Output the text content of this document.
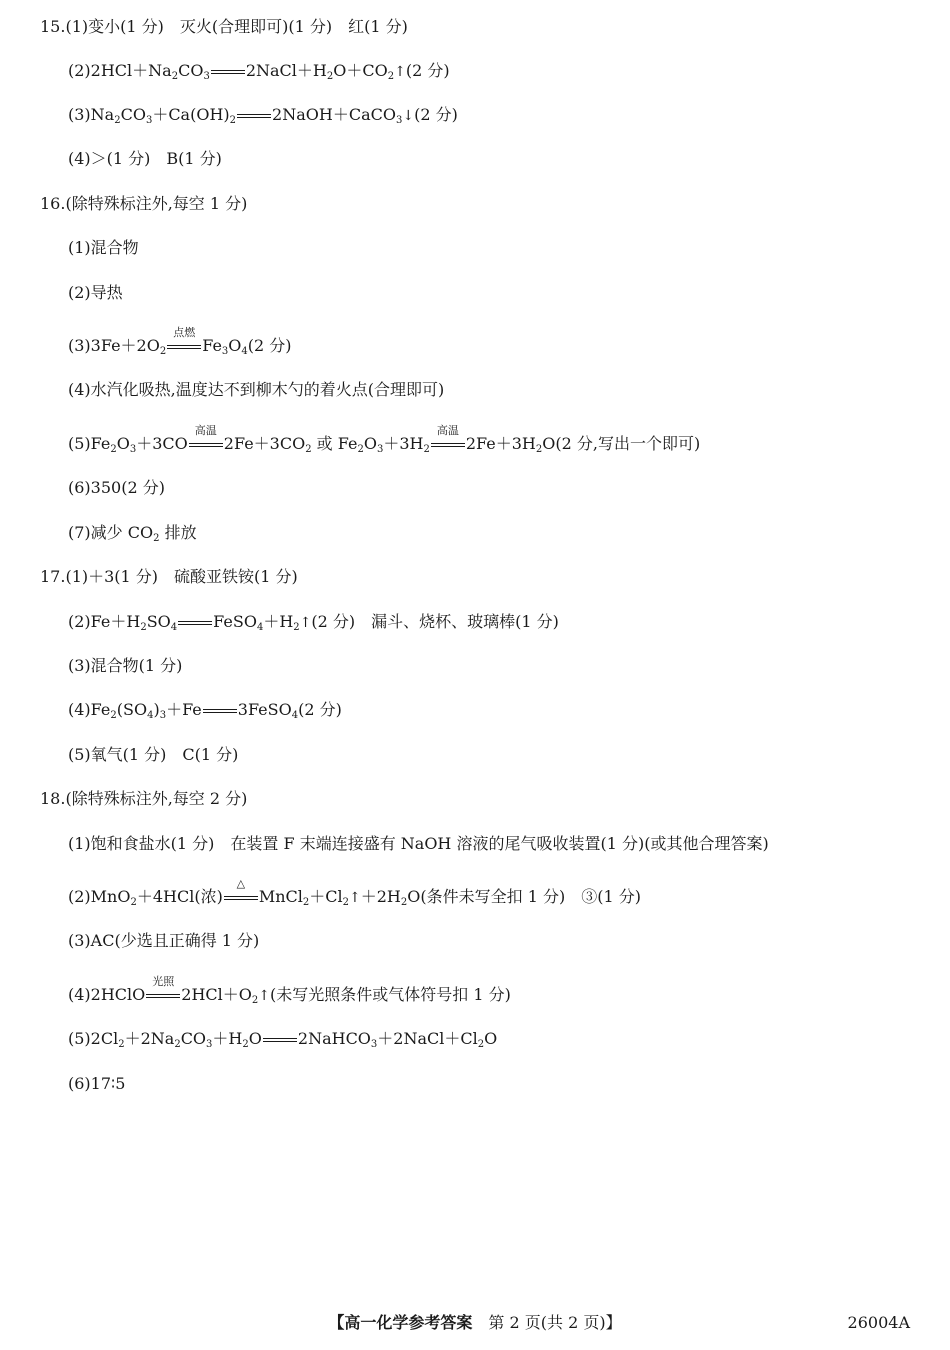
15.(1)变小(1 分)　灭火(合理即可)(1 分)　红(1 分)
$(2)2HCl+Na_2CO_3$ $2NaCl+H_2O+CO_2↑(2$ 分)
$(3)Na_2CO_3+Ca(OH)_2$ 2NaOH＋CaCO$_3$↓(2 分)
(4)＞(1 分)　B(1 分)
16.(除特殊标注外,每空 1 分)
(1)混合物
(2)导热
$(3)3Fe+2O_2$
点燃
$Fe_3O_4(2$ 分)
(4)水汽化吸热,温度达不到柳木勺的着火点(合理即可)
$(5)Fe_2O_3+3CO$
高温
$2Fe+3CO_2$ 或 $Fe_2O_3+3H_2$
高温
$2Fe+3H_2O(2$ 分,写出一个即可)
(6)350(2 分)
(7)减少 $CO_2$ 排放
17.(1)＋3(1 分)　硫酸亚铁铵(1 分)
$(2)Fe+H_2SO_4$ $FeSO_4+H_2↑(2$ 分)　漏斗、烧杯、玻璃棒(1 分)
(3)混合物(1 分)
$(4)Fe_2(SO_4)_3+Fe$ 3FeSO$_4$(2 分)
(5)氧气(1 分)　C(1 分)
18.(除特殊标注外,每空 2 分)
(1)饱和食盐水(1 分)　在装置 F 末端连接盛有 NaOH 溶液的尾气吸收装置(1 分)(或其他合理答案)
(2)MnO$_2$＋4HCl(浓)
△
$MnCl_2+Cl_2↑+2H_2O$(条件未写全扣 1 分)　③(1 分)
(3)AC(少选且正确得 1 分)
(4)2HClO
光照
$2HCl+O_2↑$(未写光照条件或气体符号扣 1 分)
$(5)2Cl_2+2Na_2CO_3+H_2O$ $2NaHCO_3+2NaCl+Cl_2O$
(6)17∶5
【高一化学参考答案　 第 2 页(共 2 页)】	26004A
